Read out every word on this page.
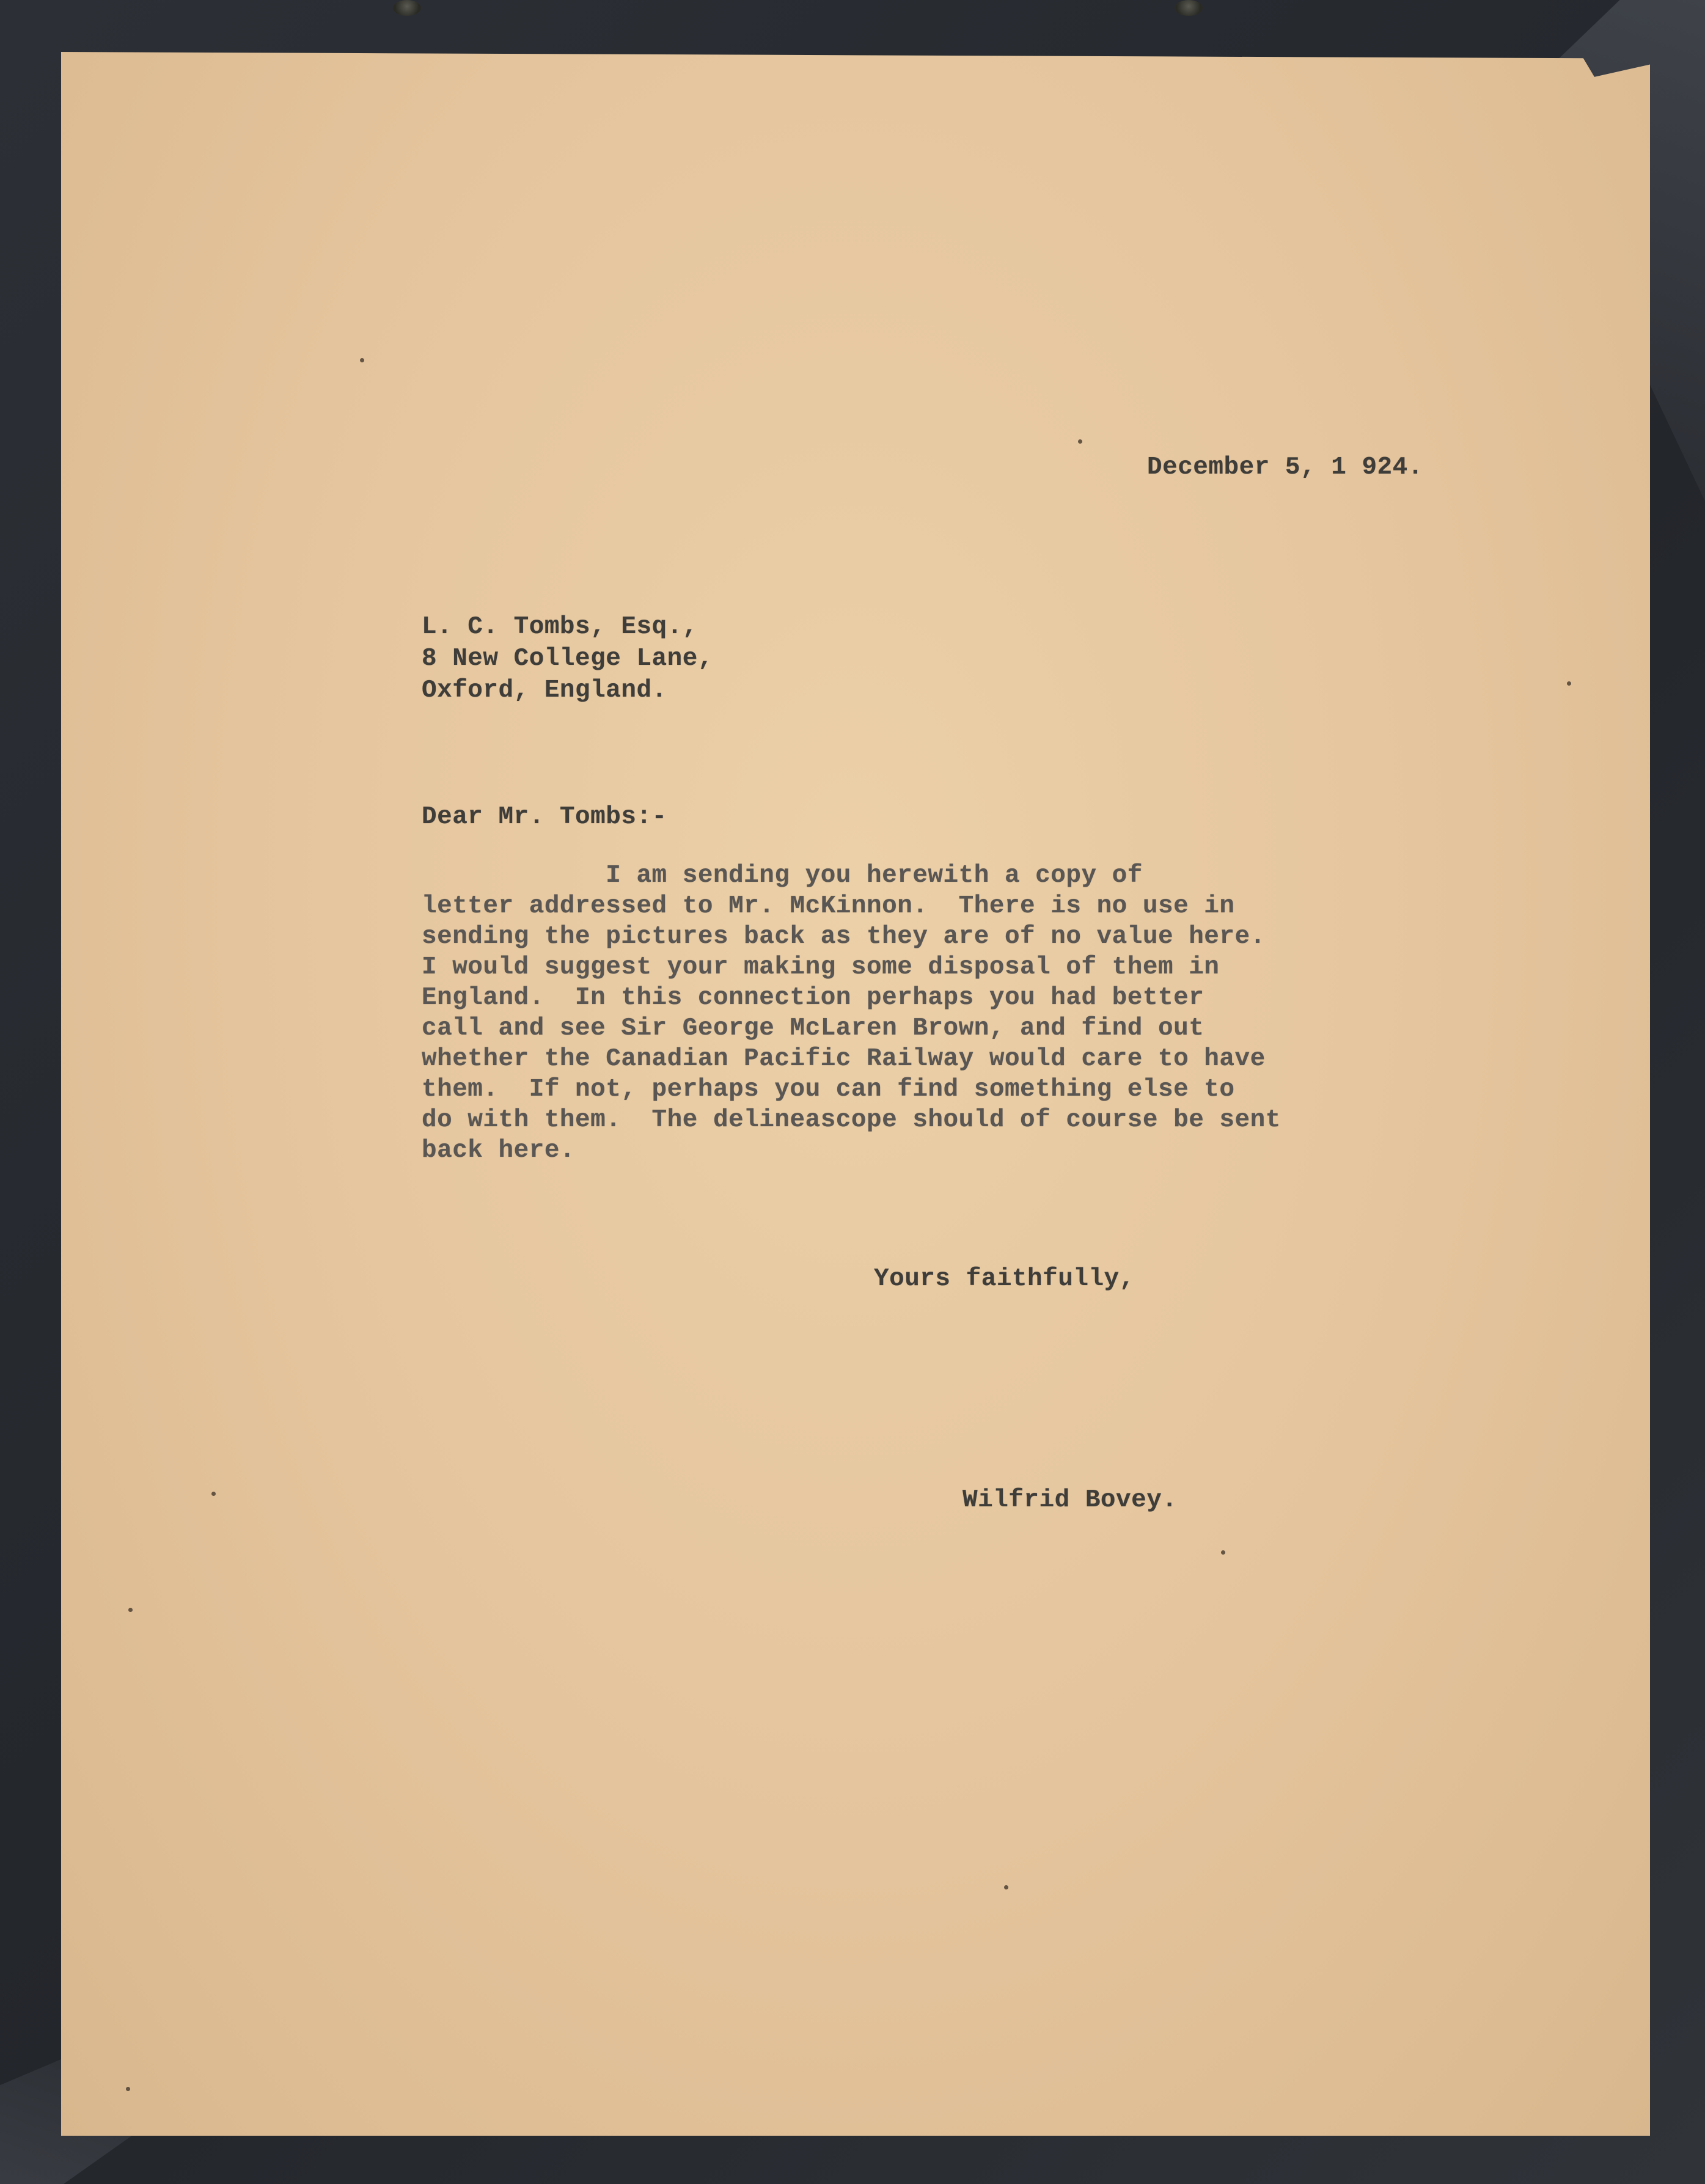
December 5, 1 924.

L. C. Tombs, Esq.,
8 New College Lane,
Oxford, England.

Dear Mr. Tombs:-

I am sending you herewith a copy of
letter addressed to Mr. McKinnon.  There is no use in
sending the pictures back as they are of no value here.
I would suggest your making some disposal of them in
England.  In this connection perhaps you had better
call and see Sir George McLaren Brown, and find out
whether the Canadian Pacific Railway would care to have
them.  If not, perhaps you can find something else to
do with them.  The delineascope should of course be sent
back here.

Yours faithfully,

Wilfrid Bovey.
